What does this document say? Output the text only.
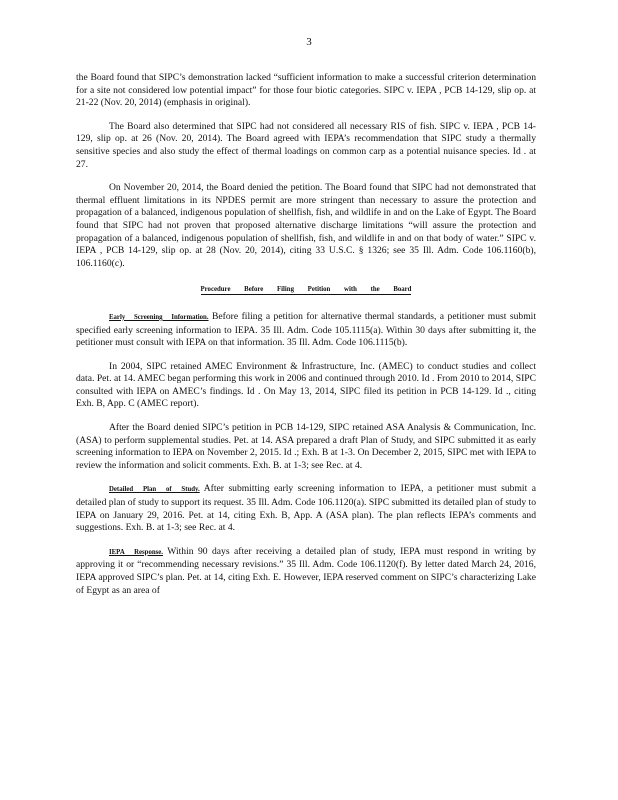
3

the Board found that SIPC’s demonstration lacked “sufficient information to make a successful criterion determination for a site not considered low potential impact” for those four biotic categories. SIPC v. IEPA , PCB 14-129, slip op. at 21-22 (Nov. 20, 2014) (emphasis in original).

The Board also determined that SIPC had not considered all necessary RIS of fish. SIPC v. IEPA , PCB 14-129, slip op. at 26 (Nov. 20, 2014). The Board agreed with IEPA’s recommendation that SIPC study a thermally sensitive species and also study the effect of thermal loadings on common carp as a potential nuisance species. Id . at 27.

On November 20, 2014, the Board denied the petition. The Board found that SIPC had not demonstrated that thermal effluent limitations in its NPDES permit are more stringent than necessary to assure the protection and propagation of a balanced, indigenous population of shellfish, fish, and wildlife in and on the Lake of Egypt. The Board found that SIPC had not proven that proposed alternative discharge limitations “will assure the protection and propagation of a balanced, indigenous population of shellfish, fish, and wildlife in and on that body of water.” SIPC v. IEPA , PCB 14-129, slip op. at 28 (Nov. 20, 2014), citing 33 U.S.C. § 1326; see 35 Ill. Adm. Code 106.1160(b), 106.1160(c).

Procedure Before Filing Petition with the Board

Early Screening Information. Before filing a petition for alternative thermal standards, a petitioner must submit specified early screening information to IEPA. 35 Ill. Adm. Code 105.1115(a). Within 30 days after submitting it, the petitioner must consult with IEPA on that information. 35 Ill. Adm. Code 106.1115(b).

In 2004, SIPC retained AMEC Environment & Infrastructure, Inc. (AMEC) to conduct studies and collect data. Pet. at 14. AMEC began performing this work in 2006 and continued through 2010. Id . From 2010 to 2014, SIPC consulted with IEPA on AMEC’s findings. Id . On May 13, 2014, SIPC filed its petition in PCB 14-129. Id ., citing Exh. B, App. C (AMEC report).

After the Board denied SIPC’s petition in PCB 14-129, SIPC retained ASA Analysis & Communication, Inc. (ASA) to perform supplemental studies. Pet. at 14. ASA prepared a draft Plan of Study, and SIPC submitted it as early screening information to IEPA on November 2, 2015. Id .; Exh. B at 1-3. On December 2, 2015, SIPC met with IEPA to review the information and solicit comments. Exh. B. at 1-3; see Rec. at 4.

Detailed Plan of Study. After submitting early screening information to IEPA, a petitioner must submit a detailed plan of study to support its request. 35 Ill. Adm. Code 106.1120(a). SIPC submitted its detailed plan of study to IEPA on January 29, 2016. Pet. at 14, citing Exh. B, App. A (ASA plan). The plan reflects IEPA’s comments and suggestions. Exh. B. at 1-3; see Rec. at 4.

IEPA Response. Within 90 days after receiving a detailed plan of study, IEPA must respond in writing by approving it or “recommending necessary revisions.” 35 Ill. Adm. Code 106.1120(f). By letter dated March 24, 2016, IEPA approved SIPC’s plan. Pet. at 14, citing Exh. E. However, IEPA reserved comment on SIPC’s characterizing Lake of Egypt as an area of
